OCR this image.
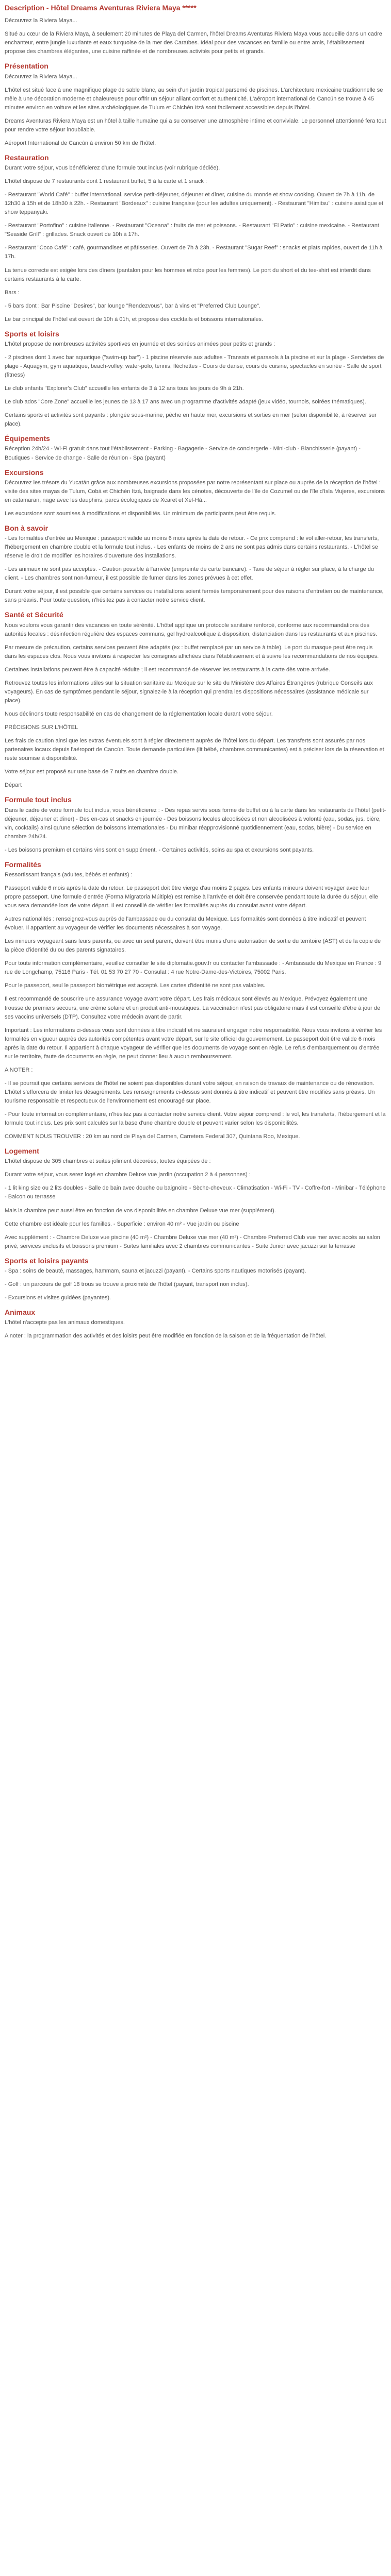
Description - Hôtel Dreams Aventuras Riviera Maya *****

Découvrez la Riviera Maya...

Situé au cœur de la Riviera Maya, à seulement 20 minutes de Playa del Carmen, l'hôtel Dreams Aventuras Riviera Maya vous accueille dans un cadre enchanteur, entre jungle luxuriante et eaux turquoise de la mer des Caraïbes. Idéal pour des vacances en famille ou entre amis, l'établissement propose des chambres élégantes, une cuisine raffinée et de nombreuses activités pour petits et grands.

Présentation

Découvrez la Riviera Maya...

L'hôtel est situé face à une magnifique plage de sable blanc, au sein d'un jardin tropical parsemé de piscines. L'architecture mexicaine traditionnelle se mêle à une décoration moderne et chaleureuse pour offrir un séjour alliant confort et authenticité. L'aéroport international de Cancún se trouve à 45 minutes environ en voiture et les sites archéologiques de Tulum et Chichén Itzá sont facilement accessibles depuis l'hôtel.

Dreams Aventuras Riviera Maya est un hôtel à taille humaine qui a su conserver une atmosphère intime et conviviale. Le personnel attentionné fera tout pour rendre votre séjour inoubliable.

Aéroport International de Cancún à environ 50 km de l'hôtel.

Restauration

Durant votre séjour, vous bénéficierez d'une formule tout inclus (voir rubrique dédiée).

L'hôtel dispose de 7 restaurants dont 1 restaurant buffet, 5 à la carte et 1 snack :

- Restaurant "World Café" : buffet international, service petit-déjeuner, déjeuner et dîner, cuisine du monde et show cooking. Ouvert de 7h à 11h, de 12h30 à 15h et de 18h30 à 22h. - Restaurant "Bordeaux" : cuisine française (pour les adultes uniquement). - Restaurant "Himitsu" : cuisine asiatique et show teppanyaki.

- Restaurant "Portofino" : cuisine italienne. - Restaurant "Oceana" : fruits de mer et poissons. - Restaurant "El Patio" : cuisine mexicaine. - Restaurant "Seaside Grill" : grillades. Snack ouvert de 10h à 17h.

- Restaurant "Coco Café" : café, gourmandises et pâtisseries. Ouvert de 7h à 23h. - Restaurant "Sugar Reef" : snacks et plats rapides, ouvert de 11h à 17h.

La tenue correcte est exigée lors des dîners (pantalon pour les hommes et robe pour les femmes). Le port du short et du tee-shirt est interdit dans certains restaurants à la carte.

Bars :

- 5 bars dont : Bar Piscine "Desires", bar lounge "Rendezvous", bar à vins et "Preferred Club Lounge".

Le bar principal de l'hôtel est ouvert de 10h à 01h, et propose des cocktails et boissons internationales.

Sports et loisirs

L'hôtel propose de nombreuses activités sportives en journée et des soirées animées pour petits et grands :

- 2 piscines dont 1 avec bar aquatique ("swim-up bar") - 1 piscine réservée aux adultes - Transats et parasols à la piscine et sur la plage - Serviettes de plage - Aquagym, gym aquatique, beach-volley, water-polo, tennis, fléchettes - Cours de danse, cours de cuisine, spectacles en soirée - Salle de sport (fitness)

Le club enfants "Explorer's Club" accueille les enfants de 3 à 12 ans tous les jours de 9h à 21h.

Le club ados "Core Zone" accueille les jeunes de 13 à 17 ans avec un programme d'activités adapté (jeux vidéo, tournois, soirées thématiques).

Certains sports et activités sont payants : plongée sous-marine, pêche en haute mer, excursions et sorties en mer (selon disponibilité, à réserver sur place).

Équipements

Réception 24h/24 - Wi-Fi gratuit dans tout l'établissement - Parking - Bagagerie - Service de conciergerie - Mini-club - Blanchisserie (payant) - Boutiques - Service de change - Salle de réunion - Spa (payant)

Excursions

Découvrez les trésors du Yucatán grâce aux nombreuses excursions proposées par notre représentant sur place ou auprès de la réception de l'hôtel : visite des sites mayas de Tulum, Cobá et Chichén Itzá, baignade dans les cénotes, découverte de l'île de Cozumel ou de l'île d'Isla Mujeres, excursions en catamaran, nage avec les dauphins, parcs écologiques de Xcaret et Xel-Há...

Les excursions sont soumises à modifications et disponibilités. Un minimum de participants peut être requis.

Bon à savoir

- Les formalités d'entrée au Mexique : passeport valide au moins 6 mois après la date de retour. - Ce prix comprend : le vol aller-retour, les transferts, l'hébergement en chambre double et la formule tout inclus. - Les enfants de moins de 2 ans ne sont pas admis dans certains restaurants. - L'hôtel se réserve le droit de modifier les horaires d'ouverture des installations.

- Les animaux ne sont pas acceptés. - Caution possible à l'arrivée (empreinte de carte bancaire). - Taxe de séjour à régler sur place, à la charge du client. - Les chambres sont non-fumeur, il est possible de fumer dans les zones prévues à cet effet.

Durant votre séjour, il est possible que certains services ou installations soient fermés temporairement pour des raisons d'entretien ou de maintenance, sans préavis. Pour toute question, n'hésitez pas à contacter notre service client.

Santé et Sécurité

Nous voulons vous garantir des vacances en toute sérénité. L'hôtel applique un protocole sanitaire renforcé, conforme aux recommandations des autorités locales : désinfection régulière des espaces communs, gel hydroalcoolique à disposition, distanciation dans les restaurants et aux piscines.

Par mesure de précaution, certains services peuvent être adaptés (ex : buffet remplacé par un service à table). Le port du masque peut être requis dans les espaces clos. Nous vous invitons à respecter les consignes affichées dans l'établissement et à suivre les recommandations de nos équipes.

Certaines installations peuvent être à capacité réduite ; il est recommandé de réserver les restaurants à la carte dès votre arrivée.

Retrouvez toutes les informations utiles sur la situation sanitaire au Mexique sur le site du Ministère des Affaires Étrangères (rubrique Conseils aux voyageurs). En cas de symptômes pendant le séjour, signalez-le à la réception qui prendra les dispositions nécessaires (assistance médicale sur place).

Nous déclinons toute responsabilité en cas de changement de la réglementation locale durant votre séjour.

PRÉCISIONS SUR L'HÔTEL

Les frais de caution ainsi que les extras éventuels sont à régler directement auprès de l'hôtel lors du départ. Les transferts sont assurés par nos partenaires locaux depuis l'aéroport de Cancún. Toute demande particulière (lit bébé, chambres communicantes) est à préciser lors de la réservation et reste soumise à disponibilité.

Votre séjour est proposé sur une base de 7 nuits en chambre double.

Départ

Formule tout inclus

Dans le cadre de votre formule tout inclus, vous bénéficierez : - Des repas servis sous forme de buffet ou à la carte dans les restaurants de l'hôtel (petit-déjeuner, déjeuner et dîner) - Des en-cas et snacks en journée - Des boissons locales alcoolisées et non alcoolisées à volonté (eau, sodas, jus, bière, vin, cocktails) ainsi qu'une sélection de boissons internationales - Du minibar réapprovisionné quotidiennement (eau, sodas, bière) - Du service en chambre 24h/24.

- Les boissons premium et certains vins sont en supplément. - Certaines activités, soins au spa et excursions sont payants.

Formalités

Ressortissant français (adultes, bébés et enfants) :

Passeport valide 6 mois après la date du retour. Le passeport doit être vierge d'au moins 2 pages. Les enfants mineurs doivent voyager avec leur propre passeport. Une formule d'entrée (Forma Migratoria Múltiple) est remise à l'arrivée et doit être conservée pendant toute la durée du séjour, elle vous sera demandée lors de votre départ. Il est conseillé de vérifier les formalités auprès du consulat avant votre départ.

Autres nationalités : renseignez-vous auprès de l'ambassade ou du consulat du Mexique. Les formalités sont données à titre indicatif et peuvent évoluer. Il appartient au voyageur de vérifier les documents nécessaires à son voyage.

Les mineurs voyageant sans leurs parents, ou avec un seul parent, doivent être munis d'une autorisation de sortie du territoire (AST) et de la copie de la pièce d'identité du ou des parents signataires.

Pour toute information complémentaire, veuillez consulter le site diplomatie.gouv.fr ou contacter l'ambassade : - Ambassade du Mexique en France : 9 rue de Longchamp, 75116 Paris - Tél. 01 53 70 27 70 - Consulat : 4 rue Notre-Dame-des-Victoires, 75002 Paris.

Pour le passeport, seul le passeport biométrique est accepté. Les cartes d'identité ne sont pas valables.

Il est recommandé de souscrire une assurance voyage avant votre départ. Les frais médicaux sont élevés au Mexique. Prévoyez également une trousse de premiers secours, une crème solaire et un produit anti-moustiques. La vaccination n'est pas obligatoire mais il est conseillé d'être à jour de ses vaccins universels (DTP). Consultez votre médecin avant de partir.

Important : Les informations ci-dessus vous sont données à titre indicatif et ne sauraient engager notre responsabilité. Nous vous invitons à vérifier les formalités en vigueur auprès des autorités compétentes avant votre départ, sur le site officiel du gouvernement. Le passeport doit être valide 6 mois après la date du retour. Il appartient à chaque voyageur de vérifier que les documents de voyage sont en règle. Le refus d'embarquement ou d'entrée sur le territoire, faute de documents en règle, ne peut donner lieu à aucun remboursement.

A NOTER :

- Il se pourrait que certains services de l'hôtel ne soient pas disponibles durant votre séjour, en raison de travaux de maintenance ou de rénovation. L'hôtel s'efforcera de limiter les désagréments. Les renseignements ci-dessus sont donnés à titre indicatif et peuvent être modifiés sans préavis. Un tourisme responsable et respectueux de l'environnement est encouragé sur place.

- Pour toute information complémentaire, n'hésitez pas à contacter notre service client. Votre séjour comprend : le vol, les transferts, l'hébergement et la formule tout inclus. Les prix sont calculés sur la base d'une chambre double et peuvent varier selon les disponibilités.

COMMENT NOUS TROUVER : 20 km au nord de Playa del Carmen, Carretera Federal 307, Quintana Roo, Mexique.

Logement

L'hôtel dispose de 305 chambres et suites joliment décorées, toutes équipées de :

Durant votre séjour, vous serez logé en chambre Deluxe vue jardin (occupation 2 à 4 personnes) :

- 1 lit king size ou 2 lits doubles - Salle de bain avec douche ou baignoire - Sèche-cheveux - Climatisation - Wi-Fi - TV - Coffre-fort - Minibar - Téléphone - Balcon ou terrasse

Mais la chambre peut aussi être en fonction de vos disponibilités en chambre Deluxe vue mer (supplément).

Cette chambre est idéale pour les familles. - Superficie : environ 40 m² - Vue jardin ou piscine

Avec supplément : - Chambre Deluxe vue piscine (40 m²) - Chambre Deluxe vue mer (40 m²) - Chambre Preferred Club vue mer avec accès au salon privé, services exclusifs et boissons premium - Suites familiales avec 2 chambres communicantes - Suite Junior avec jacuzzi sur la terrasse

Sports et loisirs payants

- Spa : soins de beauté, massages, hammam, sauna et jacuzzi (payant). - Certains sports nautiques motorisés (payant).

- Golf : un parcours de golf 18 trous se trouve à proximité de l'hôtel (payant, transport non inclus).

- Excursions et visites guidées (payantes).

Animaux

L'hôtel n'accepte pas les animaux domestiques.

A noter : la programmation des activités et des loisirs peut être modifiée en fonction de la saison et de la fréquentation de l'hôtel.
